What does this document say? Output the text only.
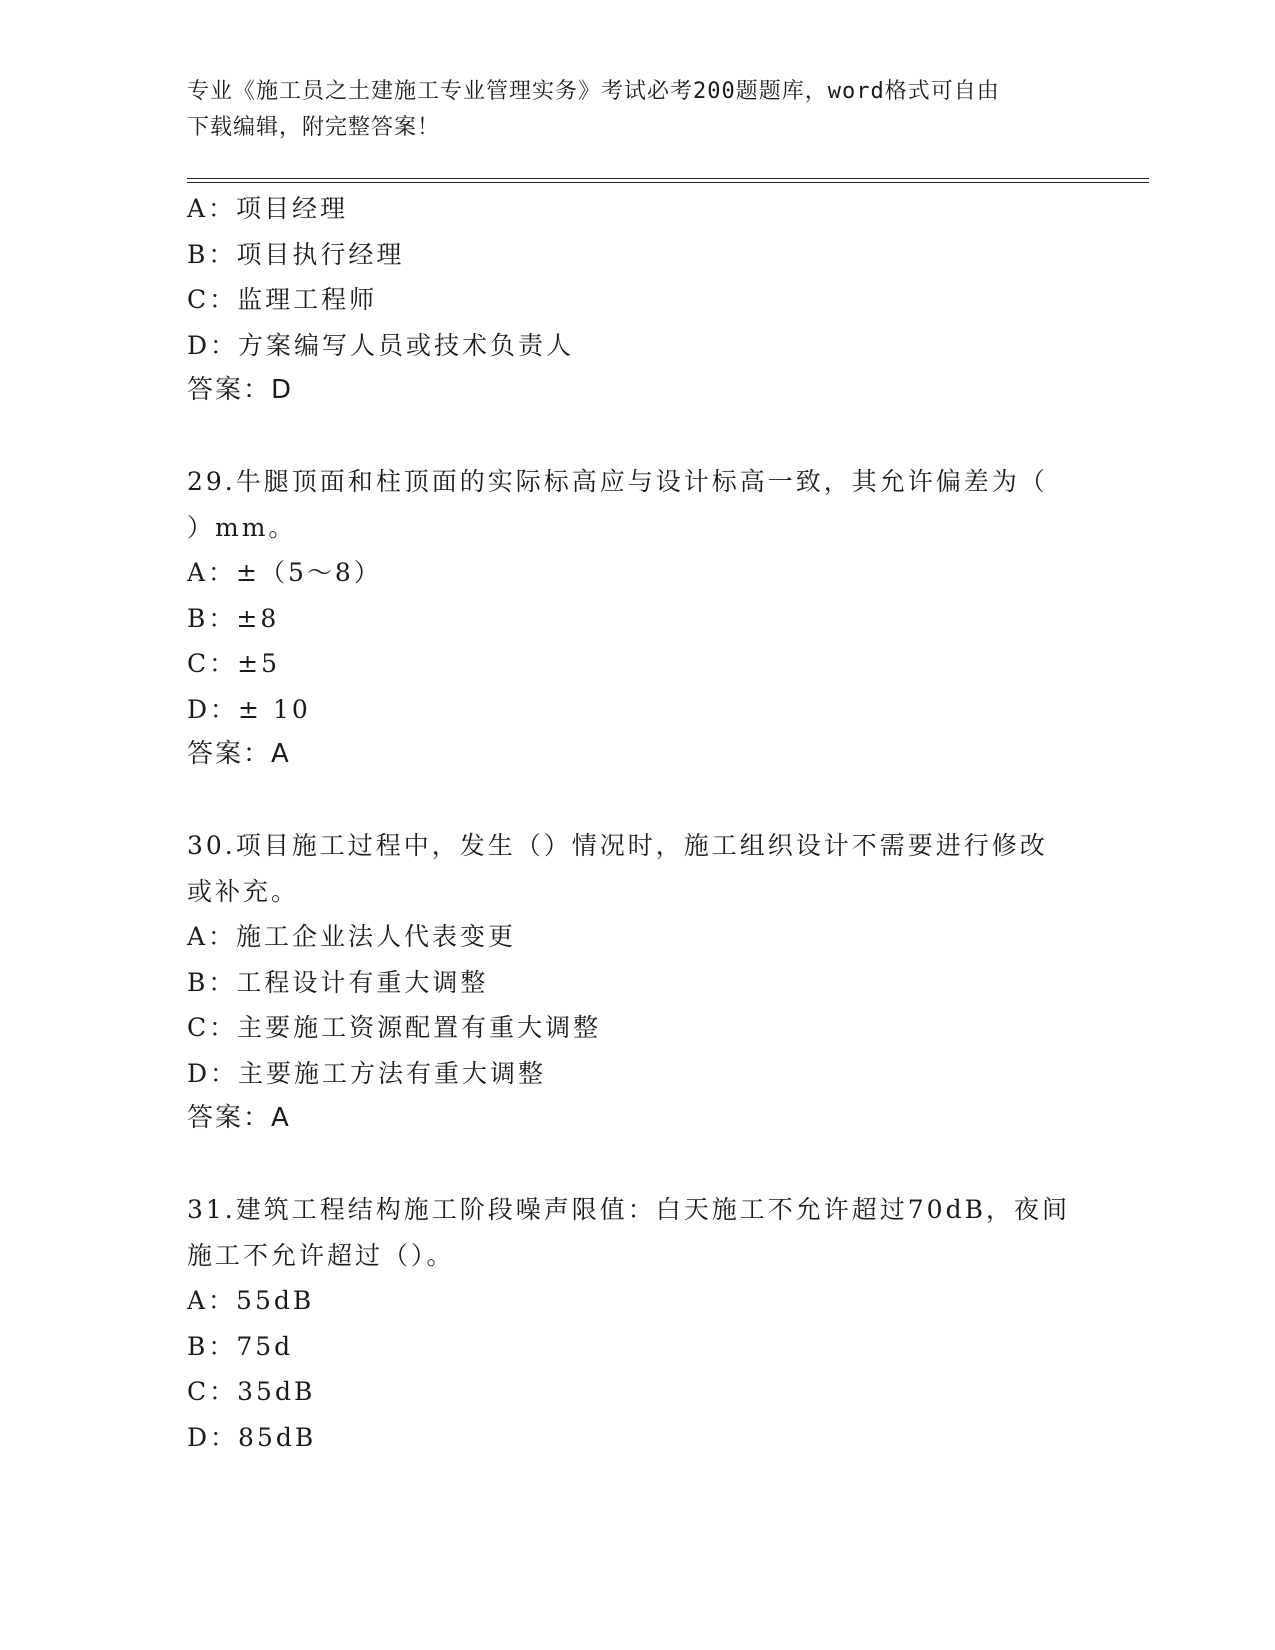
专业《施工员之土建施工专业管理实务》考试必考200题题库，word格式可自由
下载编辑，附完整答案！
A：项目经理
B：项目执行经理
C：监理工程师
D：方案编写人员或技术负责人
答案：D
29.牛腿顶面和柱顶面的实际标高应与设计标高一致，其允许偏差为（
）mm。
A：±（5～8）
B：±8
C：±5
D：± 10
答案：A
30.项目施工过程中，发生（）情况时，施工组织设计不需要进行修改
或补充。
A：施工企业法人代表变更
B：工程设计有重大调整
C：主要施工资源配置有重大调整
D：主要施工方法有重大调整
答案：A
31.建筑工程结构施工阶段噪声限值：白天施工不允许超过70dB，夜间
施工不允许超过（）。
A：55dB
B：75d
C：35dB
D：85dB
